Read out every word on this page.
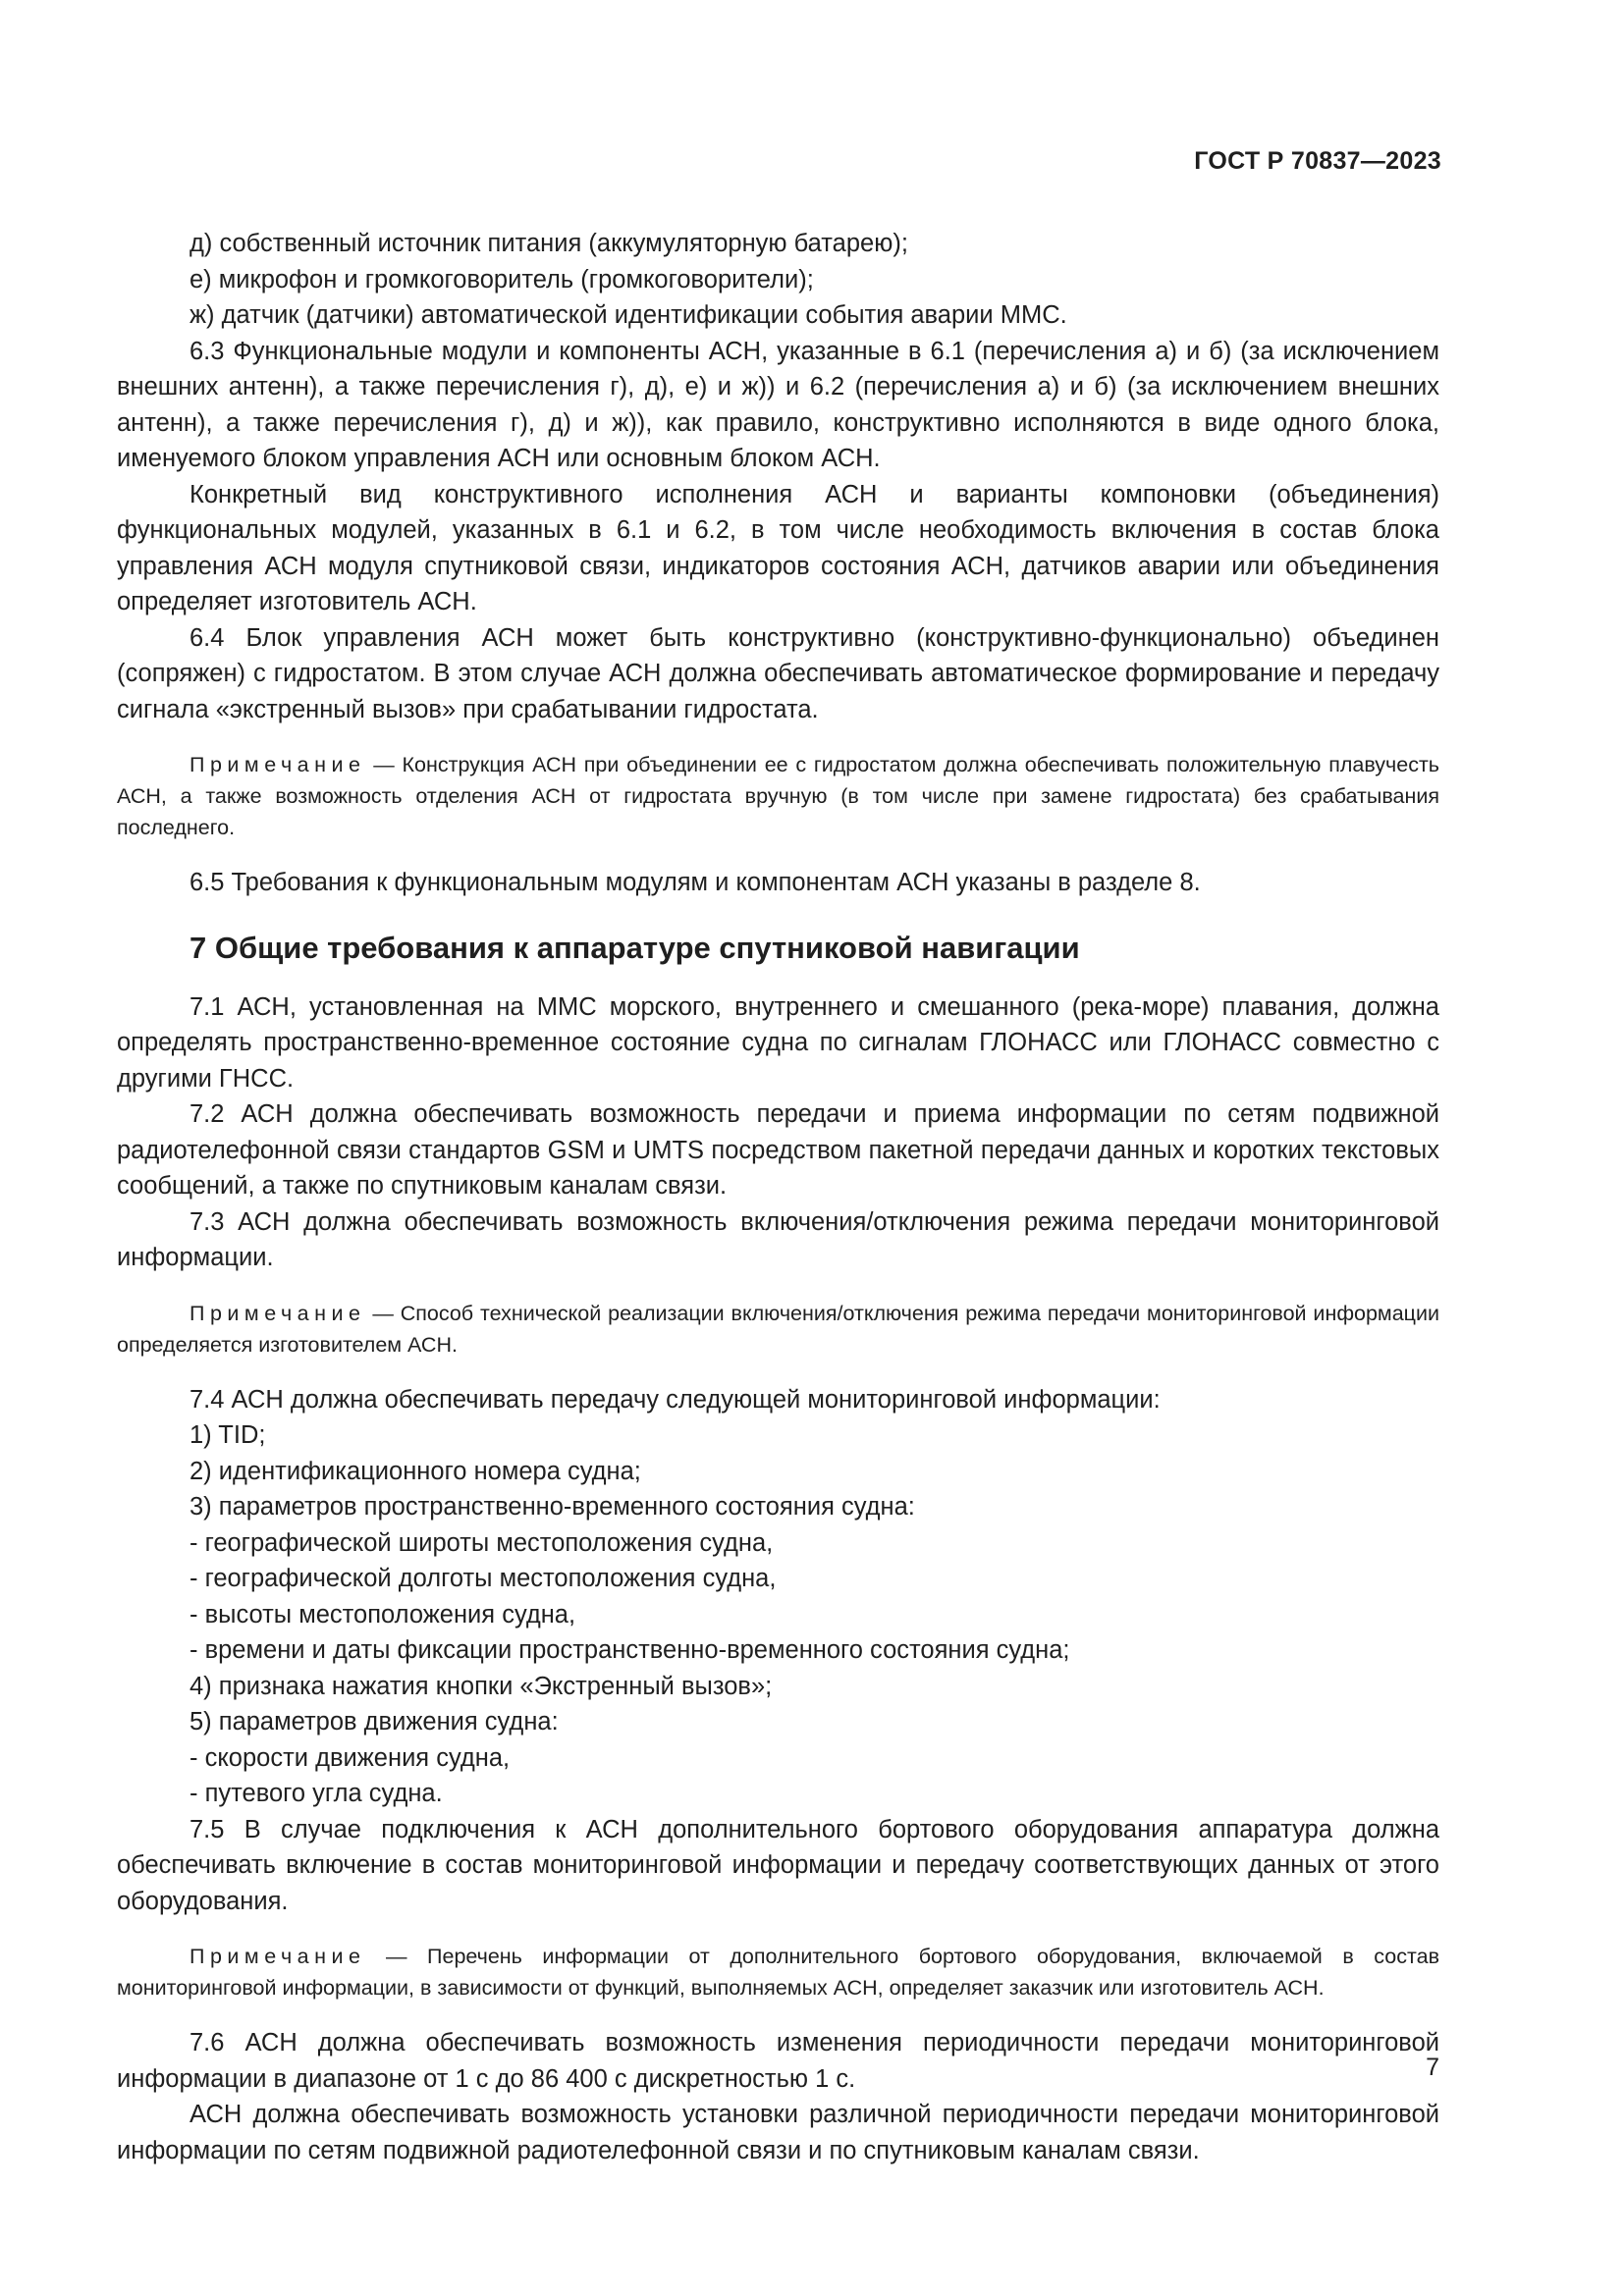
ГОСТ Р 70837—2023

д) собственный источник питания (аккумуляторную батарею);

е) микрофон и громкоговоритель (громкоговорители);

ж) датчик (датчики) автоматической идентификации события аварии ММС.

6.3 Функциональные модули и компоненты АСН, указанные в 6.1 (перечисления а) и б) (за исключением внешних антенн), а также перечисления г), д), е) и ж)) и 6.2 (перечисления а) и б) (за исключением внешних антенн), а также перечисления г), д) и ж)), как правило, конструктивно исполняются в виде одного блока, именуемого блоком управления АСН или основным блоком АСН.

Конкретный вид конструктивного исполнения АСН и варианты компоновки (объединения) функциональных модулей, указанных в 6.1 и 6.2, в том числе необходимость включения в состав блока управления АСН модуля спутниковой связи, индикаторов состояния АСН, датчиков аварии или объединения определяет изготовитель АСН.

6.4 Блок управления АСН может быть конструктивно (конструктивно-функционально) объединен (сопряжен) с гидростатом. В этом случае АСН должна обеспечивать автоматическое формирование и передачу сигнала «экстренный вызов» при срабатывании гидростата.

Примечание — Конструкция АСН при объединении ее с гидростатом должна обеспечивать положительную плавучесть АСН, а также возможность отделения АСН от гидростата вручную (в том числе при замене гидростата) без срабатывания последнего.

6.5 Требования к функциональным модулям и компонентам АСН указаны в разделе 8.

7 Общие требования к аппаратуре спутниковой навигации

7.1 АСН, установленная на ММС морского, внутреннего и смешанного (река-море) плавания, должна определять пространственно-временное состояние судна по сигналам ГЛОНАСС или ГЛОНАСС совместно с другими ГНСС.

7.2 АСН должна обеспечивать возможность передачи и приема информации по сетям подвижной радиотелефонной связи стандартов GSM и UMTS посредством пакетной передачи данных и коротких текстовых сообщений, а также по спутниковым каналам связи.

7.3 АСН должна обеспечивать возможность включения/отключения режима передачи мониторинговой информации.

Примечание — Способ технической реализации включения/отключения режима передачи мониторинговой информации определяется изготовителем АСН.

7.4 АСН должна обеспечивать передачу следующей мониторинговой информации:

1) TID;

2) идентификационного номера судна;

3) параметров пространственно-временного состояния судна:

- географической широты местоположения судна,

- географической долготы местоположения судна,

- высоты местоположения судна,

- времени и даты фиксации пространственно-временного состояния судна;

4) признака нажатия кнопки «Экстренный вызов»;

5) параметров движения судна:

- скорости движения судна,

- путевого угла судна.

7.5 В случае подключения к АСН дополнительного бортового оборудования аппаратура должна обеспечивать включение в состав мониторинговой информации и передачу соответствующих данных от этого оборудования.

Примечание — Перечень информации от дополнительного бортового оборудования, включаемой в состав мониторинговой информации, в зависимости от функций, выполняемых АСН, определяет заказчик или изготовитель АСН.

7.6 АСН должна обеспечивать возможность изменения периодичности передачи мониторинговой информации в диапазоне от 1 с до 86 400 с дискретностью 1 с.

АСН должна обеспечивать возможность установки различной периодичности передачи мониторинговой информации по сетям подвижной радиотелефонной связи и по спутниковым каналам связи.

7
